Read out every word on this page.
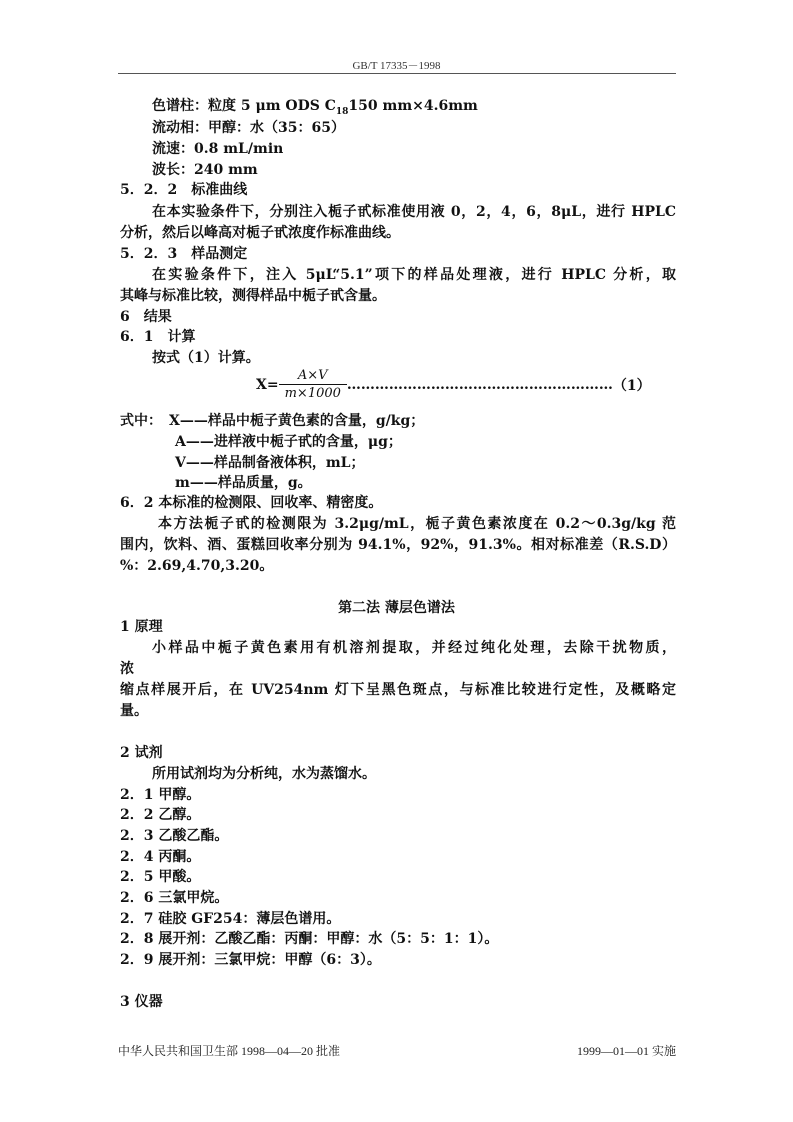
GB/T 17335－1998
色谱柱：粒度 5 μm ODS $C_{18}150$ mm×4.6mm
流动相：甲醇：水（35：65）
流速：0.8 mL/min
波长：240 mm
5．2．2　标准曲线
在本实验条件下，分别注入栀子甙标准使用液 0，2，4，6，8μL，进行 HPLC
分析，然后以峰高对栀子甙浓度作标准曲线。
5．2．3　样品测定
在实验条件下，注入 5μL“5.1”项下的样品处理液，进行 HPLC 分析，取
其峰与标准比较，测得样品中栀子甙含量。
6　结果
6．1　计算
按式（1）计算。
$X= \frac{A\times V}{m\times 1000}$ …………………………………………………（1）
式中：　X——样品中栀子黄色素的含量，g/kg；
A——进样液中栀子甙的含量，μg；
V——样品制备液体积，mL；
m——样品质量，g。
6．2 本标准的检测限、回收率、精密度。
本方法栀子甙的检测限为 3.2μg/mL，栀子黄色素浓度在 0.2～0.3g/kg 范
围内，饮料、酒、蛋糕回收率分别为 94.1%，92%，91.3%。相对标准差（R.S.D）
%：2.69,4.70,3.20。
第二法 薄层色谱法
1 原理
小样品中栀子黄色素用有机溶剂提取，并经过纯化处理，去除干扰物质，
浓
缩点样展开后，在 UV254nm 灯下呈黑色斑点，与标准比较进行定性，及概略定
量。
2 试剂
所用试剂均为分析纯，水为蒸馏水。
2．1 甲醇。
2．2 乙醇。
2．3 乙酸乙酯。
2．4 丙酮。
2．5 甲酸。
2．6 三氯甲烷。
2．7 硅胶 GF254：薄层色谱用。
2．8 展开剂：乙酸乙酯：丙酮：甲醇：水（5：5：1：1）。
2．9 展开剂：三氯甲烷：甲醇（6：3）。
3 仪器
中华人民共和国卫生部 1998—04—20 批准	1999—01—01 实施
